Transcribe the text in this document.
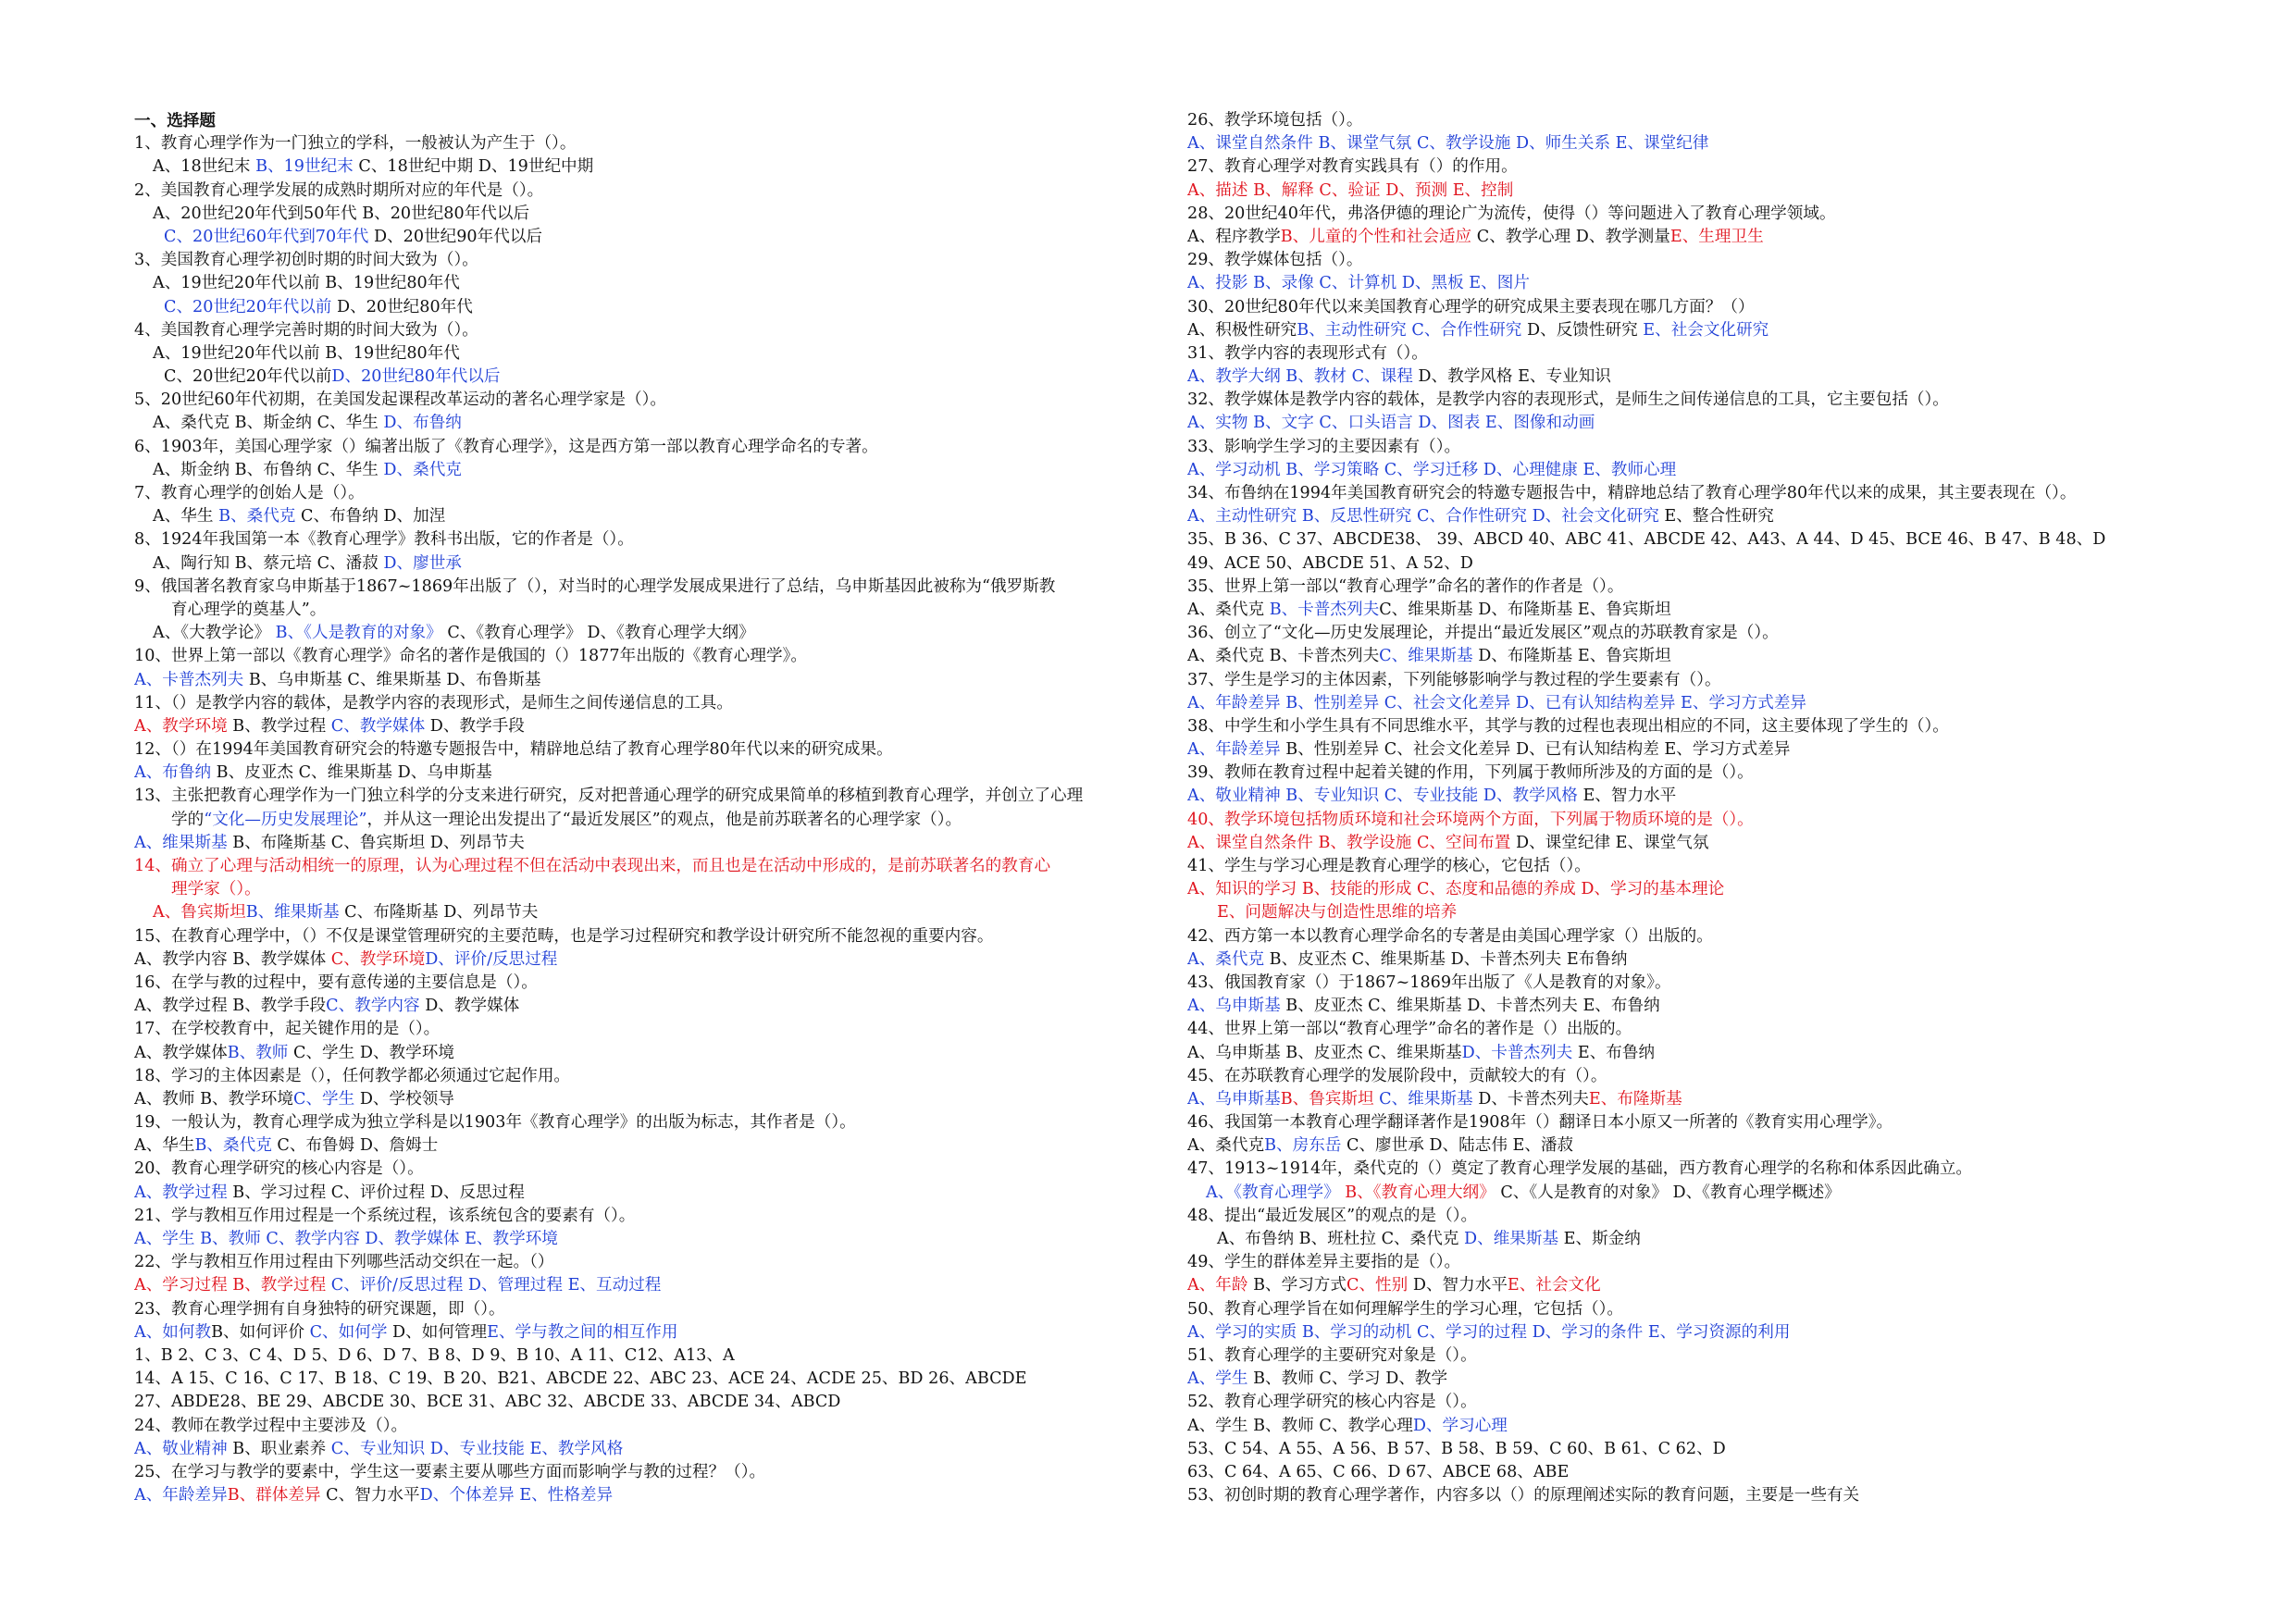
一、选择题
1、教育心理学作为一门独立的学科，一般被认为产生于（）。
A、18世纪末 B、19世纪末 C、18世纪中期 D、19世纪中期
2、美国教育心理学发展的成熟时期所对应的年代是（）。
A、20世纪20年代到50年代 B、20世纪80年代以后
C、20世纪60年代到70年代 D、20世纪90年代以后
3、美国教育心理学初创时期的时间大致为（）。
A、19世纪20年代以前 B、19世纪80年代
C、20世纪20年代以前 D、20世纪80年代
4、美国教育心理学完善时期的时间大致为（）。
A、19世纪20年代以前 B、19世纪80年代
C、20世纪20年代以前D、20世纪80年代以后
5、20世纪60年代初期，在美国发起课程改革运动的著名心理学家是（）。
A、桑代克 B、斯金纳 C、华生 D、布鲁纳
6、1903年，美国心理学家（）编著出版了《教育心理学》，这是西方第一部以教育心理学命名的专著。
A、斯金纳 B、布鲁纳 C、华生 D、桑代克
7、教育心理学的创始人是（）。
A、华生 B、桑代克 C、布鲁纳 D、加涅
8、1924年我国第一本《教育心理学》教科书出版，它的作者是（）。
A、陶行知 B、蔡元培 C、潘菽 D、廖世承
9、俄国著名教育家乌申斯基于1867~1869年出版了（），对当时的心理学发展成果进行了总结，乌申斯基因此被称为“俄罗斯教
育心理学的奠基人”。
A、《大教学论》 B、《人是教育的对象》 C、《教育心理学》 D、《教育心理学大纲》
10、世界上第一部以《教育心理学》命名的著作是俄国的（）1877年出版的《教育心理学》。
A、卡普杰列夫 B、乌申斯基 C、维果斯基 D、布鲁斯基
11、（）是教学内容的载体，是教学内容的表现形式，是师生之间传递信息的工具。
A、教学环境 B、教学过程 C、教学媒体 D、教学手段
12、（）在1994年美国教育研究会的特邀专题报告中，精辟地总结了教育心理学80年代以来的研究成果。
A、布鲁纳 B、皮亚杰 C、维果斯基 D、乌申斯基
13、主张把教育心理学作为一门独立科学的分支来进行研究，反对把普通心理学的研究成果简单的移植到教育心理学，并创立了心理
学的“文化—历史发展理论”，并从这一理论出发提出了“最近发展区”的观点，他是前苏联著名的心理学家（）。
A、维果斯基 B、布隆斯基 C、鲁宾斯坦 D、列昂节夫
14、确立了心理与活动相统一的原理，认为心理过程不但在活动中表现出来，而且也是在活动中形成的，是前苏联著名的教育心
理学家（）。
A、鲁宾斯坦B、维果斯基 C、布隆斯基 D、列昂节夫
15、在教育心理学中，（）不仅是课堂管理研究的主要范畴，也是学习过程研究和教学设计研究所不能忽视的重要内容。
A、教学内容 B、教学媒体 C、教学环境D、评价/反思过程
16、在学与教的过程中，要有意传递的主要信息是（）。
A、教学过程 B、教学手段C、教学内容 D、教学媒体
17、在学校教育中，起关键作用的是（）。
A、教学媒体B、教师 C、学生 D、教学环境
18、学习的主体因素是（），任何教学都必须通过它起作用。
A、教师 B、教学环境C、学生 D、学校领导
19、一般认为，教育心理学成为独立学科是以1903年《教育心理学》的出版为标志，其作者是（）。
A、华生B、桑代克 C、布鲁姆 D、詹姆士
20、教育心理学研究的核心内容是（）。
A、教学过程 B、学习过程 C、评价过程 D、反思过程
21、学与教相互作用过程是一个系统过程，该系统包含的要素有（）。
A、学生 B、教师 C、教学内容 D、教学媒体 E、教学环境
22、学与教相互作用过程由下列哪些活动交织在一起。（）
A、学习过程 B、教学过程 C、评价/反思过程 D、管理过程 E、互动过程
23、教育心理学拥有自身独特的研究课题，即（）。
A、如何教B、如何评价 C、如何学 D、如何管理E、学与教之间的相互作用
1、B 2、C 3、C 4、D 5、D 6、D 7、B 8、D 9、B 10、A 11、C12、A13、A
14、A 15、C 16、C 17、B 18、C 19、B 20、B21、ABCDE 22、ABC 23、ACE 24、ACDE 25、BD 26、ABCDE
27、ABDE28、BE 29、ABCDE 30、BCE 31、ABC 32、ABCDE 33、ABCDE 34、ABCD
24、教师在教学过程中主要涉及（）。
A、敬业精神 B、职业素养 C、专业知识 D、专业技能 E、教学风格
25、在学习与教学的要素中，学生这一要素主要从哪些方面而影响学与教的过程？（）。
A、年龄差异B、群体差异 C、智力水平D、个体差异 E、性格差异
26、教学环境包括（）。
A、课堂自然条件 B、课堂气氛 C、教学设施 D、师生关系 E、课堂纪律
27、教育心理学对教育实践具有（）的作用。
A、描述 B、解释 C、验证 D、预测 E、控制
28、20世纪40年代，弗洛伊德的理论广为流传，使得（）等问题进入了教育心理学领域。
A、程序教学B、儿童的个性和社会适应 C、教学心理 D、教学测量E、生理卫生
29、教学媒体包括（）。
A、投影 B、录像 C、计算机 D、黑板 E、图片
30、20世纪80年代以来美国教育心理学的研究成果主要表现在哪几方面？（）
A、积极性研究B、主动性研究 C、合作性研究 D、反馈性研究 E、社会文化研究
31、教学内容的表现形式有（）。
A、教学大纲 B、教材 C、课程 D、教学风格 E、专业知识
32、教学媒体是教学内容的载体，是教学内容的表现形式，是师生之间传递信息的工具，它主要包括（）。
A、实物 B、文字 C、口头语言 D、图表 E、图像和动画
33、影响学生学习的主要因素有（）。
A、学习动机 B、学习策略 C、学习迁移 D、心理健康 E、教师心理
34、布鲁纳在1994年美国教育研究会的特邀专题报告中，精辟地总结了教育心理学80年代以来的成果，其主要表现在（）。
A、主动性研究 B、反思性研究 C、合作性研究 D、社会文化研究 E、整合性研究
35、B 36、C 37、ABCDE38、 39、ABCD 40、ABC 41、ABCDE 42、A43、A 44、D 45、BCE 46、B 47、B 48、D
49、ACE 50、ABCDE 51、A 52、D
35、世界上第一部以“教育心理学”命名的著作的作者是（）。
A、桑代克 B、卡普杰列夫C、维果斯基 D、布隆斯基 E、鲁宾斯坦
36、创立了“文化—历史发展理论，并提出“最近发展区”观点的苏联教育家是（）。
A、桑代克 B、卡普杰列夫C、维果斯基 D、布隆斯基 E、鲁宾斯坦
37、学生是学习的主体因素，下列能够影响学与教过程的学生要素有（）。
A、年龄差异 B、性别差异 C、社会文化差异 D、已有认知结构差异 E、学习方式差异
38、中学生和小学生具有不同思维水平，其学与教的过程也表现出相应的不同，这主要体现了学生的（）。
A、年龄差异 B、性别差异 C、社会文化差异 D、已有认知结构差 E、学习方式差异
39、教师在教育过程中起着关键的作用，下列属于教师所涉及的方面的是（）。
A、敬业精神 B、专业知识 C、专业技能 D、教学风格 E、智力水平
40、教学环境包括物质环境和社会环境两个方面，下列属于物质环境的是（）。
A、课堂自然条件 B、教学设施 C、空间布置 D、课堂纪律 E、课堂气氛
41、学生与学习心理是教育心理学的核心，它包括（）。
A、知识的学习 B、技能的形成 C、态度和品德的养成 D、学习的基本理论
E、问题解决与创造性思维的培养
42、西方第一本以教育心理学命名的专著是由美国心理学家（）出版的。
A、桑代克 B、皮亚杰 C、维果斯基 D、卡普杰列夫 E布鲁纳
43、俄国教育家（）于1867~1869年出版了《人是教育的对象》。
A、乌申斯基 B、皮亚杰 C、维果斯基 D、卡普杰列夫 E、布鲁纳
44、世界上第一部以“教育心理学”命名的著作是（）出版的。
A、乌申斯基 B、皮亚杰 C、维果斯基D、卡普杰列夫 E、布鲁纳
45、在苏联教育心理学的发展阶段中，贡献较大的有（）。
A、乌申斯基B、鲁宾斯坦 C、维果斯基 D、卡普杰列夫E、布隆斯基
46、我国第一本教育心理学翻译著作是1908年（）翻译日本小原又一所著的《教育实用心理学》。
A、桑代克B、房东岳 C、廖世承 D、陆志伟 E、潘菽
47、1913~1914年，桑代克的（）奠定了教育心理学发展的基础，西方教育心理学的名称和体系因此确立。
A、《教育心理学》 B、《教育心理大纲》 C、《人是教育的对象》 D、《教育心理学概述》
48、提出“最近发展区”的观点的是（）。
A、布鲁纳 B、班杜拉 C、桑代克 D、维果斯基 E、斯金纳
49、学生的群体差异主要指的是（）。
A、年龄 B、学习方式C、性别 D、智力水平E、社会文化
50、教育心理学旨在如何理解学生的学习心理，它包括（）。
A、学习的实质 B、学习的动机 C、学习的过程 D、学习的条件 E、学习资源的利用
51、教育心理学的主要研究对象是（）。
A、学生 B、教师 C、学习 D、教学
52、教育心理学研究的核心内容是（）。
A、学生 B、教师 C、教学心理D、学习心理
53、C 54、A 55、A 56、B 57、B 58、B 59、C 60、B 61、C 62、D
63、C 64、A 65、C 66、D 67、ABCE 68、ABE
53、初创时期的教育心理学著作，内容多以（）的原理阐述实际的教育问题，主要是一些有关
